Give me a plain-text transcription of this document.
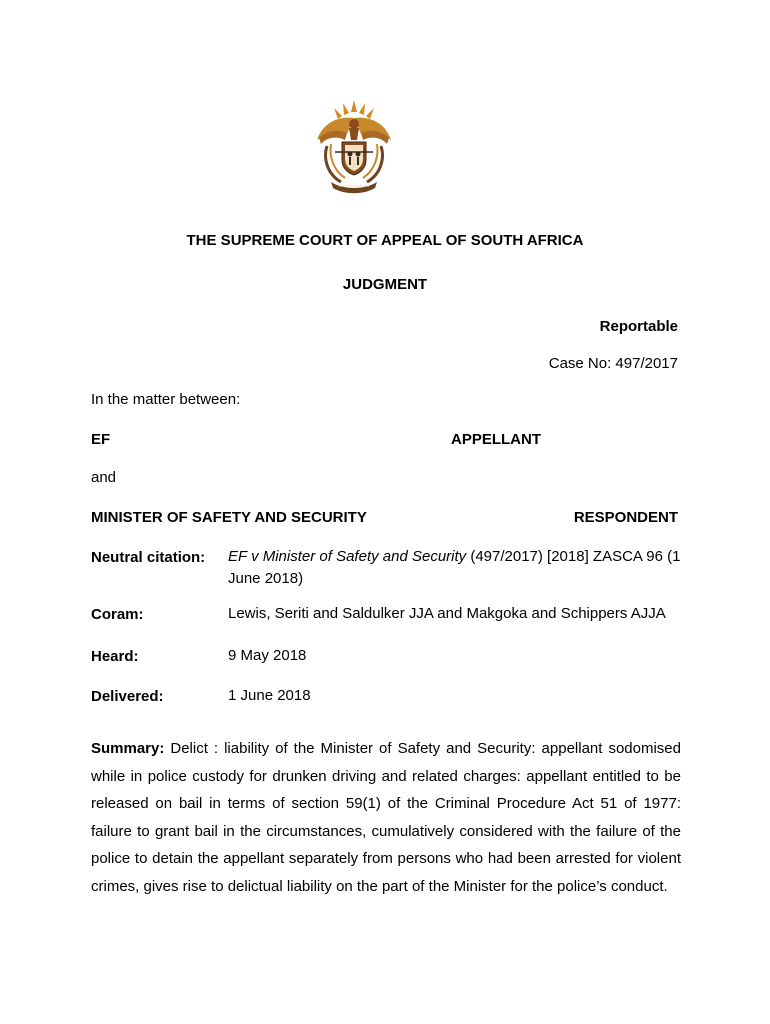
THE SUPREME COURT OF APPEAL OF SOUTH AFRICA
JUDGMENT
Reportable
Case No: 497/2017
In the matter between:
EF	APPELLANT
and
MINISTER OF SAFETY AND SECURITY	RESPONDENT
Neutral citation: EF v Minister of Safety and Security (497/2017) [2018] ZASCA 96 (1 June 2018)
Coram:	Lewis, Seriti and Saldulker JJA and Makgoka and Schippers AJJA
Heard:	9 May 2018
Delivered:	1 June 2018
Summary: Delict : liability of the Minister of Safety and Security: appellant sodomised while in police custody for drunken driving and related charges: appellant entitled to be released on bail in terms of section 59(1) of the Criminal Procedure Act 51 of 1977: failure to grant bail in the circumstances, cumulatively considered with the failure of the police to detain the appellant separately from persons who had been arrested for violent crimes, gives rise to delictual liability on the part of the Minister for the police’s conduct.
